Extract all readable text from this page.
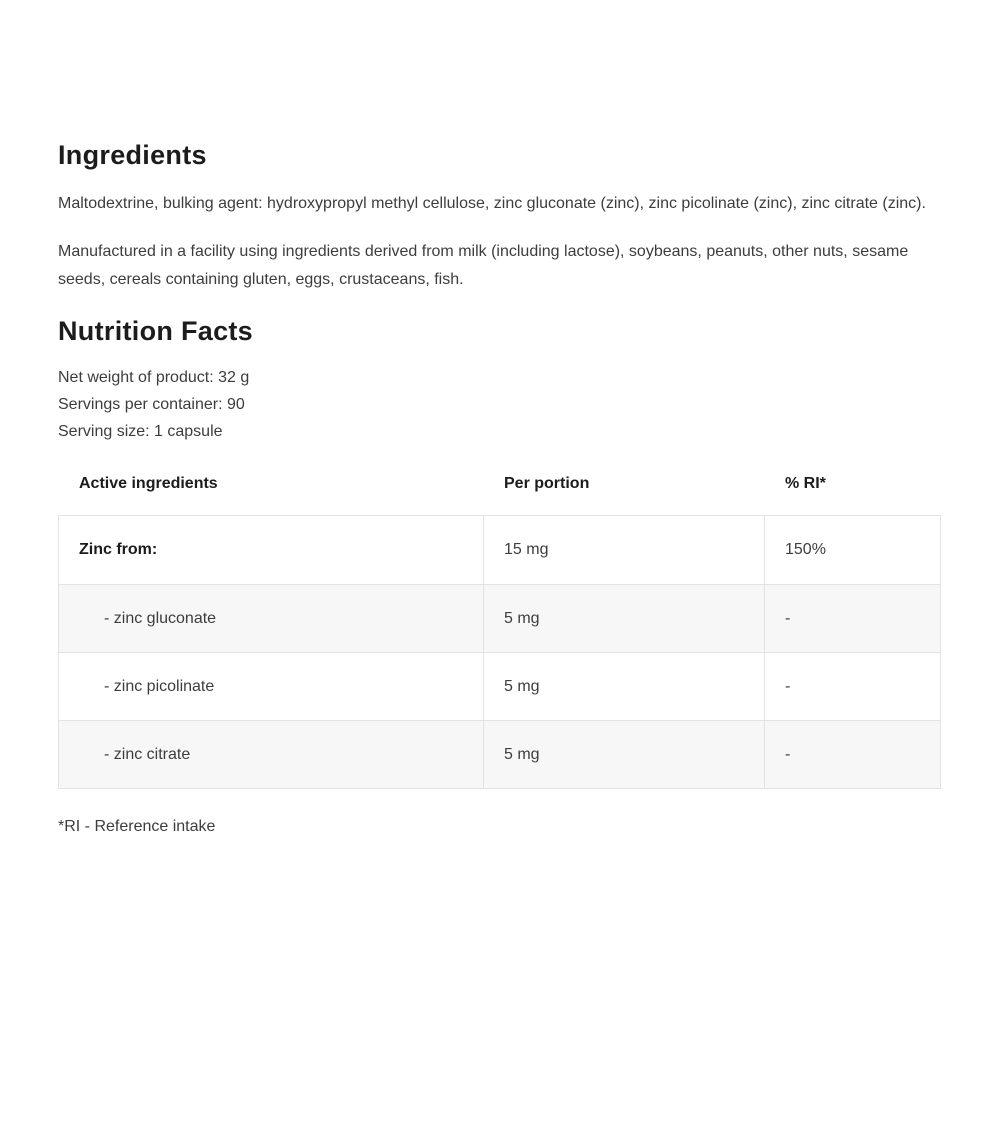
Ingredients

Maltodextrine, bulking agent: hydroxypropyl methyl cellulose, zinc gluconate (zinc), zinc picolinate (zinc), zinc citrate (zinc).

Manufactured in a facility using ingredients derived from milk (including lactose), soybeans, peanuts, other nuts, sesame seeds, cereals containing gluten, eggs, crustaceans, fish.

Nutrition Facts
Net weight of product: 32 g
Servings per container: 90
Serving size: 1 capsule
Active ingredients	Per portion	% RI*
Zinc from:	15 mg	150%
- zinc gluconate	5 mg	-
- zinc picolinate	5 mg	-
- zinc citrate	5 mg	-
*RI - Reference intake
